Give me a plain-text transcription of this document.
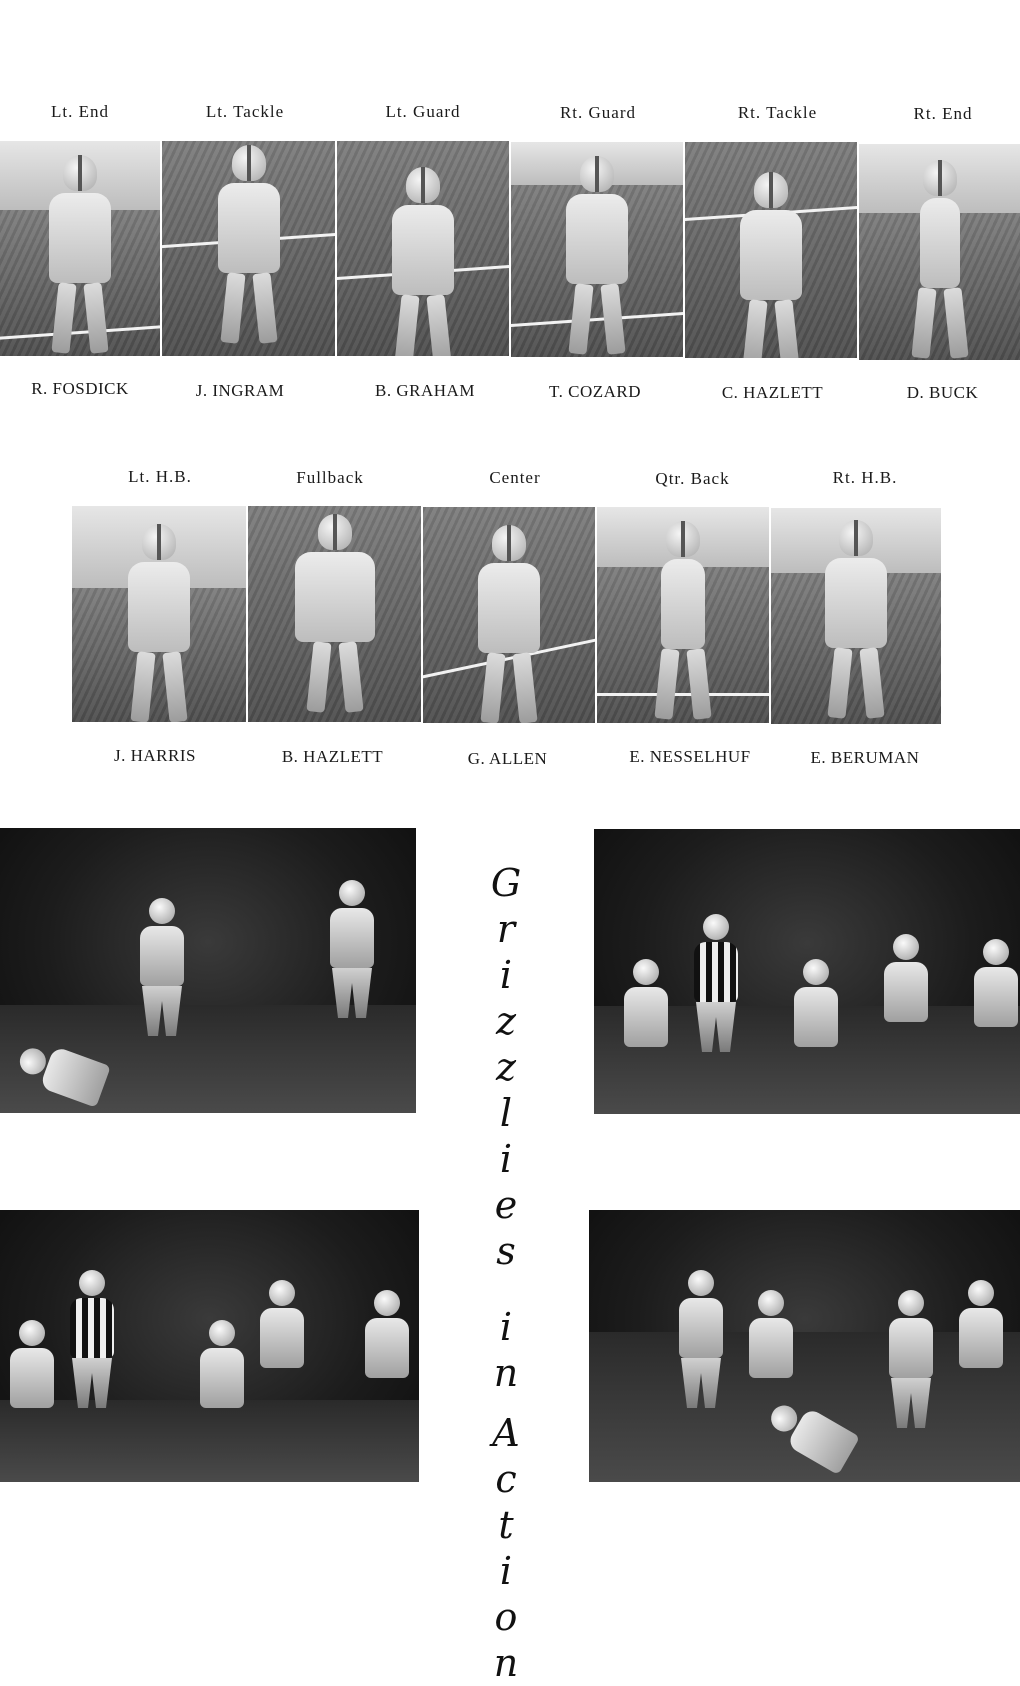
Lt. End	Lt. Tackle	Lt. Guard	Rt. Guard	Rt. Tackle	Rt. End
R. FOSDICK	J. INGRAM	B. GRAHAM	T. COZARD	C. HAZLETT	D. BUCK
Lt. H.B.	Fullback	Center	Qtr. Back	Rt. H.B.
J. HARRIS	B. HAZLETT	G. ALLEN	E. NESSELHUF	E. BERUMAN
G
r
i
z
z
l
i
e
s
i
n
A
c
t
i
o
n
